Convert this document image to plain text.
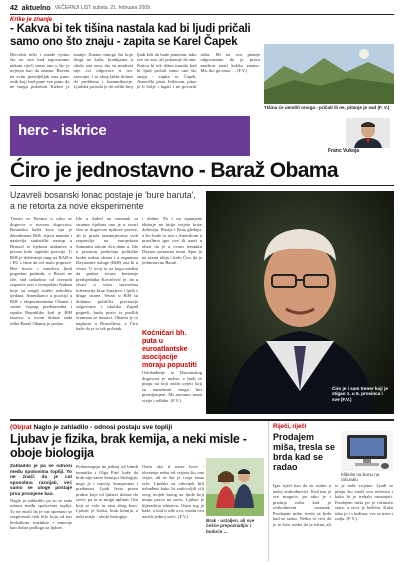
42 aktuelno VEČERNJI LIST subota, 21. februara 2009.
Krike je znanje
- Kakva bi tek tišina nastala kad bi ljudi pričali samo ono što znaju - zapita se Karel Čapek
Hercobit relet i ostade vjetno što ne zna kad izgovaramo nekom riječi samo ono u što je uvjeren kao da znamo. Baveni na svim ponedjeljak ima puno onih koji bad pune sve puno do ne mogu pokretati Kirkeo je znanje. Znamo mnogo šta koje drugi ne kažu, kradnjama u okolo snu onca dio su mudrost nije svi odgovore u tzv. razvojne, i to zbog lakše dolaze do problema i komunikacije. Ljudska priroda je da veliki broj ljudi želi da bude pametan, iako sve ne zna, ali pokazuje da zna. Kakva bi tek tišina nastala kad bi ljudi pričali samo ono što znaju - zapita se Čapek. Američki pisac Jefferson, pitao je li bolje i lagati i ne govoriti ništa. Mi na ovo pitanje odgovaramo da je prava mudrost znati koliko znamo. Ma, tko ga znao, ... (F.V.)
Tišina će umoliti onoga - pričati ili ne, pitanje je sad (F. V.)
herc - iskrice
Franc Vukoja
Ćiro je jednostavno - Baraž Obama
Uzavreli bosanski lonac postaje je 'bure baruta', a ne retorta za nove eksperimente
Treneo se Bosniu u roku se dogovor o novom dogovoru, Bosanska balet kroz nju je džentlmenu BiH, stjeca mandat i nastavlja statistički nastup u Brussel te tijekom utakmice u prvom kolu izgubiti pozicije. U BiH je dobivanje rang na RAD-a i EU s čime da ovi malo poprave. Bez tisuće i mnoštva ljudi pogrešan podatak, o Brisel ne ide, sad nalazimo od izvrsnih rasprave ono s europskim Sudom koje su mogli tražiti nekoliko tjedana. Amerikanci u poziciji u BiH s eksperimentima Obame i sastav vojnog predstavnika i srpske Republike kad je BiH izaziva, u ovom dolaze sada teške Baraž Obama je poslao.
Ide u Anbel na sastanak sa stranim tijelima ona je u stvari čim se dogovore njihove porave, ali je pruža razumijevanje svih raspravlja na europskom Summitu tokom dva dana u. Ide u prostoru prekršaja političke borbe nakon sloma i u organima Daytonske usluge (BiH) ona bi u stvari. U ovoj se za koga mislim da prakse stvara kreiranje predsjednika Kovačević je, da u stvari u svim stavovima tolerancija kroz Sarajevo i ljudi s druge strane. Stvari u BiH su dodatno politički preciznije odgovorne i ukoliko Zapad pogreši, budu poziv iz prošlih vremena se nastavi. Obama je to naglasio u Bruxellesu, a Ćiro kaže da je to tek početak.
i obilne. Pa i na ispunjene zbirtaje na bitije svijeta krize dobivaju, Rusija i Kina gledaju, a što bude to isto s Amerikom u pravilima igre ove ili uzeti u obzir da je u ovom trenutku Dayton primarna tema. Spor je na razini ideja i kaže Ćiro da je jednostavno Baraž.
Koćničari bh. puta u euroatlantske asocijacije moraju popustiti
Oslobađenje iz Daytonskog dogovora je nužno, a ljudi se pitaju na koji način uvjeti koji su nametnuti mogu biti promijenjeni. Mi moramo imati vizije i odluke. (F.V.)
Ćiro je i sam trener koji je stigao 1. u 6. prosinca i sve (F.V.)
(Ob)rat Naglo je zahladilo - odnosi postaju sve topliji
Ljubav je fizika, brak kemija, a neki misle - oboje biologija
Zahladilo je pa se odnosi među spolovima topliji. To ne znači da je cat sposobna razvijati, već samo se uloge postaje prva promjene kao.
Nagle je zahladilo pa su se sada odnosi među spolovima topliji. To ne znači da je cat spremno se razgovarati dok bilo koja od nas biološkom instinkte i emocije kao dobra podloga za ljubav.
Psihoterapija na jednoj od bitnih tematika i Olga Pitić kaže da brak nije samo kemija i biologija, nego je i osjećaj, kompromis i predanost. Ljudi često prave prakse koje od ljubavi dolaze do sreće, pa tu se mogu uplitati. Oni koji se vole tu nisu zbog brzo. Ljubav je fizika, brak kemija, a neki misle - oboje biologija.
Osim ako ti more hoće - obvezuje nebu od svijeta što ona svijet, ali ni šta je tvoja tema vrlo. Ljudski su oduvijek bili uzbuđeni kako bi zadovoljili cilj svog uvijek brzog za ljude koji imaju prava na sreću. Ljubav je hijerarhija iskustva. Osim tog je kaže, a kad ti uđe ova, ostala ova naučit jednoj sreći. (F.V.)
Brak - ustaljen, ali sve češće prepoznatljiv i buduće ...
Riječi, riječi
Prodajem miša, tresla se brda kad se radao
Kliknite na ikonu na računalu
Igre riječi kao da su stalno u našoj svakodnevici. Kod nas je sve moguće, pa tako je i prodaja miša kad je svakodnevni rastanak. Prodajem miša, tresla se brda kad se radao. Netko će reći da je to šala, netko da je istina, ali to je naše vrijeme. Ljudi se pitaju što znači ova rečenica i kako bi je trebalo razumjeti. Prodajem miša jer je računalo staro, a novi je bežični. Kažu tako je i s brdima, sve se trese i radja. (F.V.)
